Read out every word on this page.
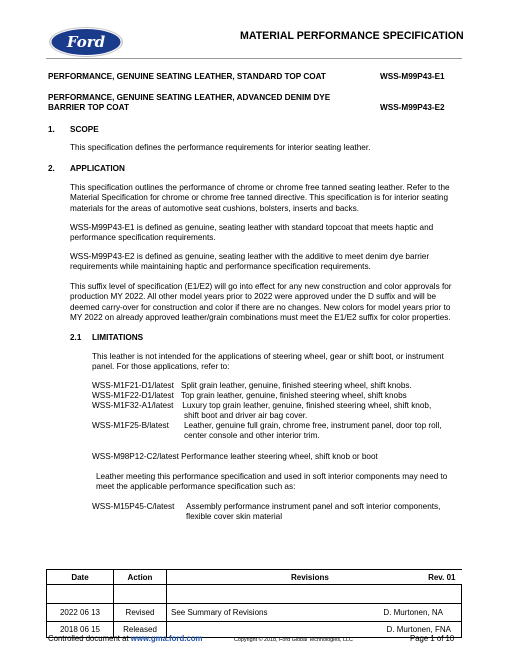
Ford	MATERIAL PERFORMANCE SPECIFICATION
PERFORMANCE, GENUINE SEATING LEATHER, STANDARD TOP COAT	WSS-M99P43-E1
PERFORMANCE, GENUINE SEATING LEATHER, ADVANCED DENIM DYE
BARRIER TOP COAT	WSS-M99P43-E2
1. SCOPE
This specification defines the performance requirements for interior seating leather.
2. APPLICATION
This specification outlines the performance of chrome or chrome free tanned seating leather. Refer to the Material Specification for chrome or chrome free tanned directive. This specification is for interior seating materials for the areas of automotive seat cushions, bolsters, inserts and backs.
WSS-M99P43-E1 is defined as genuine, seating leather with standard topcoat that meets haptic and performance specification requirements.
WSS-M99P43-E2 is defined as genuine, seating leather with the additive to meet denim dye barrier requirements while maintaining haptic and performance specification requirements.
This suffix level of specification (E1/E2) will go into effect for any new construction and color approvals for production MY 2022. All other model years prior to 2022 were approved under the D suffix and will be deemed carry-over for construction and color if there are no changes. New colors for model years prior to MY 2022 on already approved leather/grain combinations must meet the E1/E2 suffix for color properties.
2.1 LIMITATIONS
This leather is not intended for the applications of steering wheel, gear or shift boot, or instrument panel. For those applications, refer to:
WSS-M1F21-D1/latest Split grain leather, genuine, finished steering wheel, shift knobs.
WSS-M1F22-D1/latest Top grain leather, genuine, finished steering wheel, shift knobs
WSS-M1F32-A1/latest Luxury top grain leather, genuine, finished steering wheel, shift knob,
shift boot and driver air bag cover.
WSS-M1F25-B/latest Leather, genuine full grain, chrome free, instrument panel, door top roll,
center console and other interior trim.
WSS-M98P12-C2/latest Performance leather steering wheel, shift knob or boot
Leather meeting this performance specification and used in soft interior components may need to meet the applicable performance specification such as:
WSS-M15P45-C/latest Assembly performance instrument panel and soft interior components,
flexible cover skin material
Date	Action	Revisions Rev. 01

2022 06 13	Revised	See Summary of Revisions D. Murtonen, NA

2018 06 15	Released	D. Murtonen, FNA
Controlled document at www.gma.ford.com	Copyright © 2018, Ford Global Technologies, LLC	Page 1 of 10
